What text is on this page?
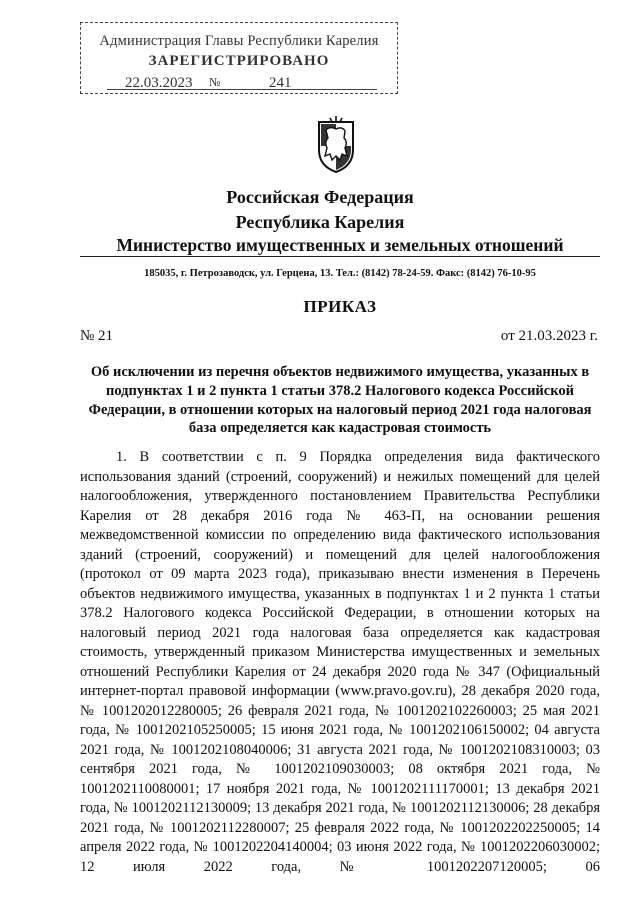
Администрация Главы Республики Карелия
ЗАРЕГИСТРИРОВАНО
22.03.2023	№	241
Российская Федерация
Республика Карелия
Министерство имущественных и земельных отношений
185035, г. Петрозаводск, ул. Герцена, 13. Тел.: (8142) 78-24-59. Факс: (8142) 76-10-95
ПРИКАЗ
№ 21	от 21.03.2023 г.
Об исключении из перечня объектов недвижимого имущества, указанных в подпунктах 1 и 2 пункта 1 статьи 378.2 Налогового кодекса Российской Федерации, в отношении которых на налоговый период 2021 года налоговая база определяется как кадастровая стоимость
1. В соответствии с п. 9 Порядка определения вида фактического использования зданий (строений, сооружений) и нежилых помещений для целей налогообложения, утвержденного постановлением Правительства Республики Карелия от 28 декабря 2016 года № 463-П, на основании решения межведомственной комиссии по определению вида фактического использования зданий (строений, сооружений) и помещений для целей налогообложения (протокол от 09 марта 2023 года), приказываю внести изменения в Перечень объектов недвижимого имущества, указанных в подпунктах 1 и 2 пункта 1 статьи 378.2 Налогового кодекса Российской Федерации, в отношении которых на налоговый период 2021 года налоговая база определяется как кадастровая стоимость, утвержденный приказом Министерства имущественных и земельных отношений Республики Карелия от 24 декабря 2020 года № 347 (Официальный интернет-портал правовой информации (www.pravo.gov.ru), 28 декабря 2020 года, № 1001202012280005; 26 февраля 2021 года, № 1001202102260003; 25 мая 2021 года, № 1001202105250005; 15 июня 2021 года, № 1001202106150002; 04 августа 2021 года, № 1001202108040006; 31 августа 2021 года, № 1001202108310003; 03 сентября 2021 года, № 1001202109030003; 08 октября 2021 года, № 1001202110080001; 17 ноября 2021 года, № 1001202111170001; 13 декабря 2021 года, № 1001202112130009; 13 декабря 2021 года, № 1001202112130006; 28 декабря 2021 года, № 1001202112280007; 25 февраля 2022 года, № 1001202202250005; 14 апреля 2022 года, № 1001202204140004; 03 июня 2022 года, № 1001202206030002; 12 июля 2022 года, № 1001202207120005; 06
